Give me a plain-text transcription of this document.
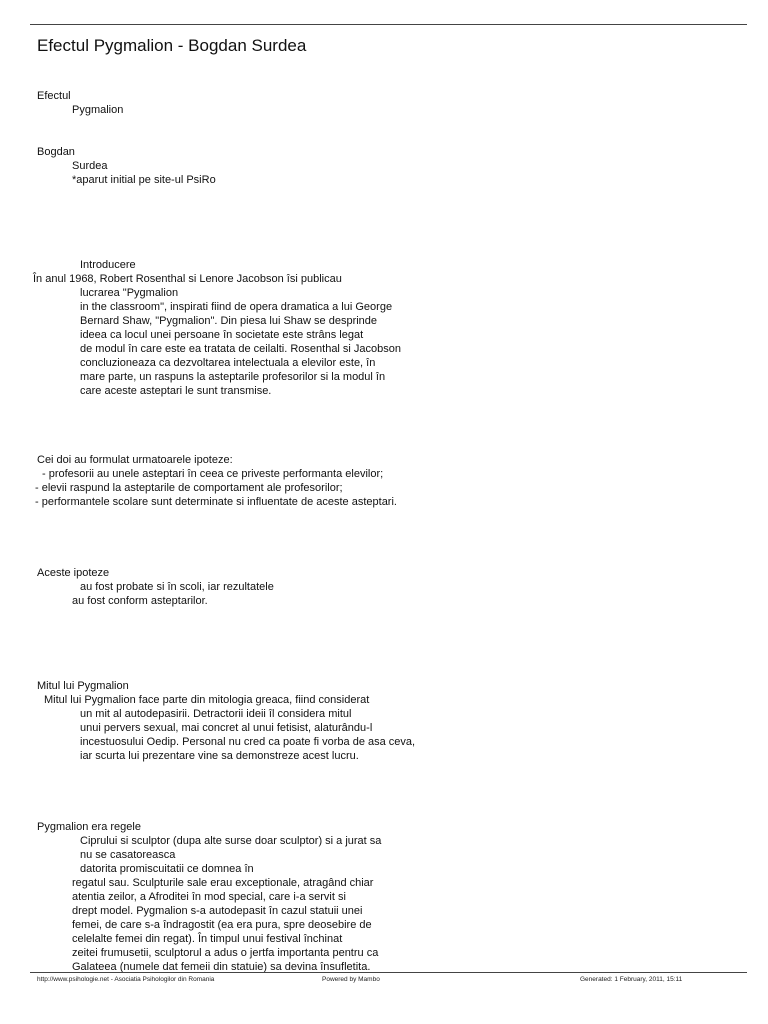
Efectul Pygmalion - Bogdan Surdea
Efectul
Pygmalion
Bogdan
Surdea
*aparut initial pe site-ul PsiRo
Introducere
În anul 1968, Robert Rosenthal si Lenore Jacobson îsi publicau
lucrarea "Pygmalion
in the classroom", inspirati fiind de opera dramatica a lui George
Bernard Shaw, "Pygmalion". Din piesa lui Shaw se desprinde
ideea ca locul unei persoane în societate este strâns legat
de modul în care este ea tratata de ceilalti. Rosenthal si Jacobson
concluzioneaza ca dezvoltarea intelectuala a elevilor este, în
mare parte, un raspuns la asteptarile profesorilor si la modul în
care aceste asteptari le sunt transmise.
Cei doi au formulat urmatoarele ipoteze:
- profesorii au unele asteptari în ceea ce priveste performanta elevilor;
- elevii raspund la asteptarile de comportament ale profesorilor;
- performantele scolare sunt determinate si influentate de aceste asteptari.
Aceste ipoteze
au fost probate si în scoli, iar rezultatele
au fost conform asteptarilor.
Mitul lui Pygmalion
Mitul lui Pygmalion face parte din mitologia greaca, fiind considerat
un mit al autodepasirii. Detractorii ideii îl considera mitul
unui pervers sexual, mai concret al unui fetisist, alaturându-l
incestuosului Oedip. Personal nu cred ca poate fi vorba de asa ceva,
iar scurta lui prezentare vine sa demonstreze acest lucru.
Pygmalion era regele
Ciprului si sculptor (dupa alte surse doar sculptor) si a jurat sa
nu se casatoreasca
datorita promiscuitatii ce domnea în
regatul sau. Sculpturile sale erau exceptionale, atragând chiar
atentia zeilor, a Afroditei în mod special, care i-a servit si
drept model. Pygmalion s-a autodepasit în cazul statuii unei
femei, de care s-a îndragostit (ea era pura, spre deosebire de
celelalte femei din regat). În timpul unui festival închinat
zeitei frumusetii, sculptorul a adus o jertfa importanta pentru ca
Galateea (numele dat femeii din statuie) sa devina însufletita.
http://www.psihologie.net - Asociatia Psihologilor din Romania	Powered by Mambo	Generated: 1 February, 2011, 15:11
